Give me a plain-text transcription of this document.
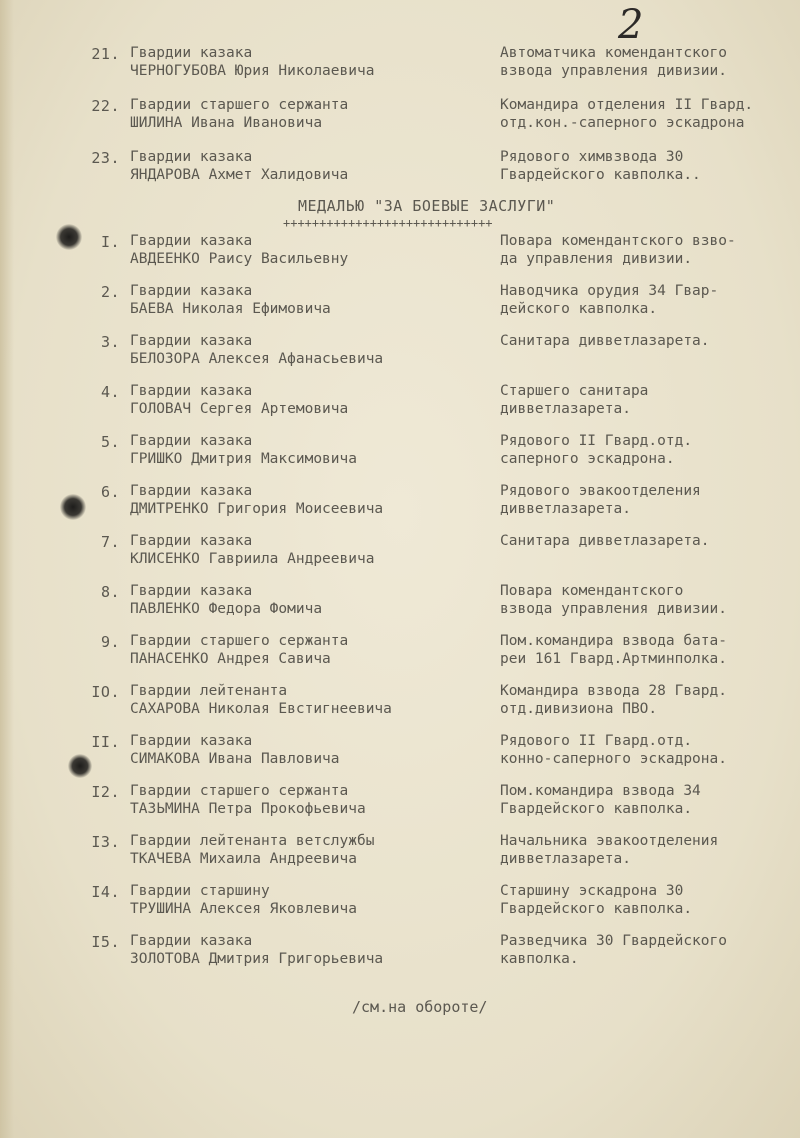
2
21. Гвардии казака
ЧЕРНОГУБОВА Юрия Николаевича
Автоматчика комендантского
взвода управления дивизии.
22. Гвардии старшего сержанта
ШИЛИНА Ивана Ивановича
Командира отделения II Гвард.
отд.кон.-саперного эскадрона
23. Гвардии казака
ЯНДАРОВА Ахмет Халидовича
Рядового химвзвода 30
Гвардейского кавполка..
МЕДАЛЬЮ "ЗА БОЕВЫЕ ЗАСЛУГИ"
+++++++++++++++++++++++++++++
I. Гвардии казака
АВДЕЕНКО Раису Васильевну
Повара комендантского взво-
да управления дивизии.
2. Гвардии казака
БАЕВА Николая Ефимовича
Наводчика орудия 34 Гвар-
дейского кавполка.
3. Гвардии казака
БЕЛОЗОРА Алексея Афанасьевича
Санитара дивветлазарета.
4. Гвардии казака
ГОЛОВАЧ Сергея Артемовича
Старшего санитара
дивветлазарета.
5. Гвардии казака
ГРИШКО Дмитрия Максимовича
Рядового II Гвард.отд.
саперного эскадрона.
6. Гвардии казака
ДМИТРЕНКО Григория Моисеевича
Рядового эвакоотделения
дивветлазарета.
7. Гвардии казака
КЛИСЕНКО Гавриила Андреевича
Санитара дивветлазарета.
8. Гвардии казака
ПАВЛЕНКО Федора Фомича
Повара комендантского
взвода управления дивизии.
9. Гвардии старшего сержанта
ПАНАСЕНКО Андрея Савича
Пом.командира взвода бата-
реи 161 Гвард.Артминполка.
IO. Гвардии лейтенанта
САХАРОВА Николая Евстигнеевича
Командира взвода 28 Гвард.
отд.дивизиона ПВО.
II. Гвардии казака
СИМАКОВА Ивана Павловича
Рядового II Гвард.отд.
конно-саперного эскадрона.
I2. Гвардии старшего сержанта
ТАЗЬМИНА Петра Прокофьевича
Пом.командира взвода 34
Гвардейского кавполка.
I3. Гвардии лейтенанта ветслужбы
ТКАЧЕВА Михаила Андреевича
Начальника эвакоотделения
дивветлазарета.
I4. Гвардии старшину
ТРУШИНА Алексея Яковлевича
Старшину эскадрона 30
Гвардейского кавполка.
I5. Гвардии казака
ЗОЛОТОВА Дмитрия Григорьевича
Разведчика 30 Гвардейского
кавполка.
/см.на обороте/
